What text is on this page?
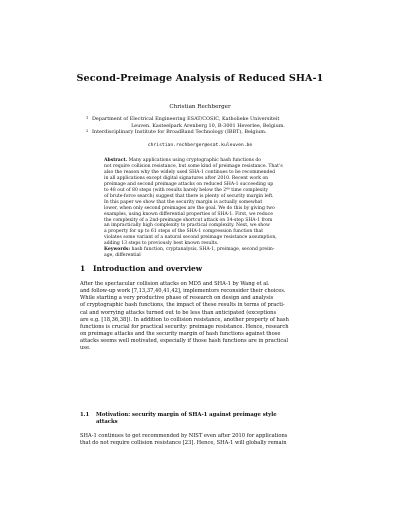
Second-Preimage Analysis of Reduced SHA-1
Christian Rechberger
1 Department of Electrical Engineering ESAT/COSIC, Katholieke Universiteit
Leuven. Kasteelpark Arenberg 10, B-3001 Heverlee, Belgium.
2 Interdisciplinary Institute for BroadBand Technology (IBBT), Belgium.
christian.rechberger@esat.kuleuven.be
Abstract. Many applications using cryptographic hash functions do
not require collision resistance, but some kind of preimage resistance. That’s
also the reason why the widely used SHA-1 continues to be recommended
in all applications except digital signatures after 2010. Recent work on
preimage and second preimage attacks on reduced SHA-1 succeeding up
to 48 out of 80 steps (with results barely below the 2⁶⁰ time complexity
of brute-force search) suggest that there is plenty of security margin left.
In this paper we show that the security margin is actually somewhat
lower, when only second preimages are the goal. We do this by giving two
examples, using known differential properties of SHA-1. First, we reduce
the complexity of a 2nd-preimage shortcut attack on 34-step SHA-1 from
an impractically high complexity to practical complexity. Next, we show
a property for up to 61 steps of the SHA-1 compression function that
violates some variant of a natural second preimage resistance assumption,
adding 13 steps to previously best known results.
Keywords: hash function, cryptanalysis, SHA-1, preimage, second preim-
age, differential
1 Introduction and overview
After the spectacular collision attacks on MD5 and SHA-1 by Wang et al.
and follow-up work [7,13,37,40,41,42], implementors reconsider their choices.
While starting a very productive phase of research on design and analysis
of cryptographic hash functions, the impact of these results in terms of practi-
cal and worrying attacks turned out to be less than anticipated (exceptions
are e.g. [18,36,38]). In addition to collision resistance, another property of hash
functions is crucial for practical security: preimage resistance. Hence, research
on preimage attacks and the security margin of hash functions against those
attacks seems well motivated, especially if those hash functions are in practical
use.
1.1 Motivation: security margin of SHA-1 against preimage style
attacks
SHA-1 continues to get recommended by NIST even after 2010 for applications
that do not require collision resistance [23]. Hence, SHA-1 will globally remain
